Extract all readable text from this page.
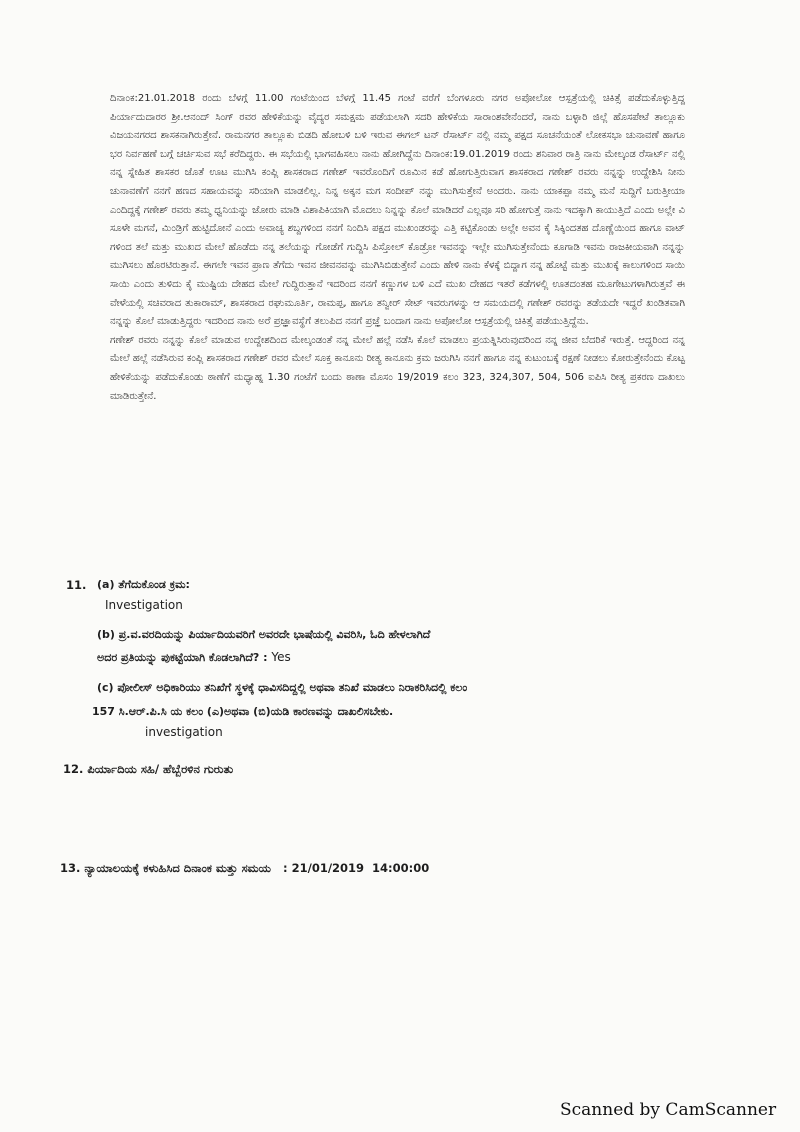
ದಿನಾಂಕ:21.01.2018 ರಂದು ಬೆಳಗ್ಗೆ 11.00 ಗಂಟೆಯಿಂದ ಬೆಳಗ್ಗೆ 11.45 ಗಂಟೆ ವರೆಗೆ ಬೆಂಗಳೂರು ನಗರ ಅಪೋಲೋ ಆಸ್ಪತ್ರೆಯಲ್ಲಿ ಚಿಕಿತ್ಸೆ ಪಡೆದುಕೊಳ್ಳುತ್ತಿದ್ದ ಪಿರ್ಯಾದುದಾರರ ಶ್ರೀ.ಆನಂದ್ ಸಿಂಗ್ ರವರ ಹೇಳಿಕೆಯನ್ನು ವೈದ್ಯರ ಸಮಕ್ಷಮ ಪಡೆಯಲಾಗಿ ಸದರಿ ಹೇಳಿಕೆಯ ಸಾರಾಂಶವೇನೆಂದರೆ, ನಾನು ಬಳ್ಳಾರಿ ಜಿಲ್ಲೆ ಹೊಸಪೇಟೆ ತಾಲ್ಲೂಕು ವಿಜಯನಗರದ ಶಾಸಕನಾಗಿರುತ್ತೇನೆ. ರಾಮನಗರ ತಾಲ್ಲೂಕು ಬಿಡದಿ ಹೋಬಳಿ ಬಳಿ ಇರುವ ಈಗಲ್ ಟನ್ ರೆಸಾರ್ಟ್ ನಲ್ಲಿ ನಮ್ಮ ಪಕ್ಷದ ಸೂಚನೆಯಂತೆ ಲೋಕಸಭಾ ಚುನಾವಣೆ ಹಾಗೂ ಭರ ನಿರ್ವಹಣೆ ಬಗ್ಗೆ ಚರ್ಚಿಸುವ ಸಭೆ ಕರೆದಿದ್ದರು. ಈ ಸಭೆಯಲ್ಲಿ ಭಾಗವಹಿಸಲು ನಾನು ಹೋಗಿದ್ದೆನು ದಿನಾಂಕ:19.01.2019 ರಂದು ಶನಿವಾರ ರಾತ್ರಿ ನಾನು ಮೇಲ್ಕಂಡ ರೆಸಾರ್ಟ್ ನಲ್ಲಿ ನನ್ನ ಸ್ನೇಹಿತ ಶಾಸಕರ ಜೊತೆ ಊಟ ಮುಗಿಸಿ ಕಂಪ್ಲಿ ಶಾಸಕರಾದ ಗಣೇಶ್ ಇವರೊಂದಿಗೆ ರೂಮಿನ ಕಡೆ ಹೋಗುತ್ತಿರುವಾಗ ಶಾಸಕರಾದ ಗಣೇಶ್ ರವರು ನನ್ನನ್ನು ಉದ್ದೇಶಿಸಿ ನೀನು ಚುನಾವಣೆಗೆ ನನಗೆ ಹಣದ ಸಹಾಯವನ್ನು ಸರಿಯಾಗಿ ಮಾಡಲಿಲ್ಲ. ನಿನ್ನ ಅಕ್ಕನ ಮಗ ಸಂದೀಪ್ ನನ್ನು ಮುಗಿಸುತ್ತೇನೆ ಅಂದರು. ನಾನು ಯಾಕಪ್ಪಾ ನಮ್ಮ ಮನೆ ಸುದ್ದಿಗೆ ಬರುತ್ತೀಯಾ ಎಂದಿದ್ದಕ್ಕೆ ಗಣೇಶ್ ರವರು ತಮ್ಮ ಧ್ವನಿಯನ್ನು ಜೋರು ಮಾಡಿ ವಿಶಾಪಿಕಿಯಾಗಿ ಮೊದಲು ನಿನ್ನನ್ನು ಕೊಲೆ ಮಾಡಿದರೆ ಎಲ್ಲವೂ ಸರಿ ಹೋಗುತ್ತೆ ನಾನು ಇದಕ್ಕಾಗಿ ಕಾಯುತ್ತಿದೆ ಎಂದು ಅಲ್ಲೇ ವಿ ಸೂಳೇ ಮಗನೆ, ಮಿಂಡ್ರಿಗೆ ಹುಟ್ಟಿದೋನೆ ಎಂದು ಅವಾಚ್ಯ ಶಬ್ದಗಳಿಂದ ನನಗೆ ನಿಂದಿಸಿ ಪಕ್ಷದ ಮುಖಂಡರನ್ನು ಎತ್ತಿ ಕಟ್ಟಿಕೊಂಡು ಅಲ್ಲೇ ಅವನ ಕೈ ಸಿಕ್ಕಿಂದತಹ ದೊಣ್ಣೆಯಿಂದ ಹಾಗೂ ವಾಟ್ ಗಳಿಂದ ತಲೆ ಮತ್ತು ಮುಖದ ಮೇಲೆ ಹೊಡೆದು ನನ್ನ ತಲೆಯನ್ನು ಗೋಡೆಗೆ ಗುದ್ದಿಸಿ ಪಿಸ್ತೋಲ್ ಕೊಡ್ರೋ ಇವನನ್ನು ಇಲ್ಲೇ ಮುಗಿಸುತ್ತೇನೆಂದು ಕೂಗಾಡಿ ಇವನು ರಾಜಕೀಯವಾಗಿ ನನ್ನನ್ನು ಮುಗಿಸಲು ಹೊರಟಿರುತ್ತಾನೆ. ಈಗಲೇ ಇವನ ಪ್ರಾಣ ತೆಗೆದು ಇವನ ಜೀವನವನ್ನು ಮುಗಿಸಿಬಿಡುತ್ತೇನೆ ಎಂದು ಹೇಳಿ ನಾನು ಕೆಳಕ್ಕೆ ಬಿದ್ದಾಗ ನನ್ನ ಹೊಟ್ಟೆ ಮತ್ತು ಮುಖಕ್ಕೆ ಕಾಲುಗಳಿಂದ ಸಾಯಿ ಸಾಯಿ ಎಂದು ತುಳಿದು ಕೈ ಮುಷ್ಟಿಯ ದೇಹದ ಮೇಲೆ ಗುದ್ದಿರುತ್ತಾನೆ ಇದರಿಂದ ನನಗೆ ಕಣ್ಣುಗಳ ಬಳಿ ಎದೆ ಮುಖ ದೇಹದ ಇತರೆ ಕಡೆಗಳಲ್ಲಿ ಊತದಂತಹ ಮೂಗೇಟುಗಳಾಗಿರುತ್ತವೆ ಈ ವೇಳೆಯಲ್ಲಿ ಸಚಿವರಾದ ತುಕಾರಾಮ್, ಶಾಸಕರಾದ ರಘುಮೂರ್ತಿ, ರಾಮಪ್ಪ, ಹಾಗೂ ತನ್ವೀರ್ ಸೇಟ್ ಇವರುಗಳನ್ನು ಆ ಸಮಯದಲ್ಲಿ ಗಣೇಶ್ ರವರನ್ನು ತಡೆಯದೇ ಇದ್ದರೆ ಖಂಡಿತವಾಗಿ ನನ್ನನ್ನು ಕೊಲೆ ಮಾಡುತ್ತಿದ್ದರು ಇದರಿಂದ ನಾನು ಅರೆ ಪ್ರಜ್ಞಾವಸ್ಥೆಗೆ ತಲುಪಿದ ನನಗೆ ಪ್ರಜ್ಞೆ ಬಂದಾಗ ನಾನು ಅಪೋಲೋ ಆಸ್ಪತ್ರೆಯಲ್ಲಿ ಚಿಕಿತ್ಸೆ ಪಡೆಯುತ್ತಿದ್ದೆನು.

ಗಣೇಶ್ ರವರು ನನ್ನನ್ನು ಕೊಲೆ ಮಾಡುವ ಉದ್ದೇಶದಿಂದ ಮೇಲ್ಕಂಡಂತೆ ನನ್ನ ಮೇಲೆ ಹಲ್ಲೆ ನಡೆಸಿ ಕೊಲೆ ಮಾಡಲು ಪ್ರಯತ್ನಿಸಿರುವುದರಿಂದ ನನ್ನ ಜೀವ ಬೆದರಿಕೆ ಇರುತ್ತೆ. ಆದ್ದರಿಂದ ನನ್ನ ಮೇಲೆ ಹಲ್ಲೆ ನಡೆಸಿರುವ ಕಂಪ್ಲಿ ಶಾಸಕರಾದ ಗಣೇಶ್ ರವರ ಮೇಲೆ ಸೂಕ್ತ ಕಾನೂನು ರೀತ್ಯ ಕಾನೂನು ಕ್ರಮ ಜರುಗಿಸಿ ನನಗೆ ಹಾಗೂ ನನ್ನ ಕುಟುಂಬಕ್ಕೆ ರಕ್ಷಣೆ ನೀಡಲು ಕೋರುತ್ತೇನೆಂದು ಕೊಟ್ಟ ಹೇಳಿಕೆಯನ್ನು ಪಡೆದುಕೊಂಡು ಠಾಣೆಗೆ ಮಧ್ಯಾಹ್ನ 1.30 ಗಂಟೆಗೆ ಬಂದು ಠಾಣಾ ಮೊಸಂ 19/2019 ಕಲಂ 323, 324,307, 504, 506 ಐಪಿಸಿ ರೀತ್ಯ ಪ್ರಕರಣ ದಾಖಲು ಮಾಡಿರುತ್ತೇನೆ.

11. (a) ತೆಗೆದುಕೊಂಡ ಕ್ರಮ:
Investigation
(b) ಪ್ರ.ವ.ವರದಿಯನ್ನು ಪಿರ್ಯಾದಿಯವರಿಗೆ ಅವರದೇ ಭಾಷೆಯಲ್ಲಿ ವಿವರಿಸಿ, ಓದಿ ಹೇಳಲಾಗಿದೆ
ಅದರ ಪ್ರತಿಯನ್ನು ಪುಕಟ್ಟೆಯಾಗಿ ಕೊಡಲಾಗಿದೆ? : Yes
(c) ಪೋಲೀಸ್ ಅಧಿಕಾರಿಯು ತನಿಖೆಗೆ ಸ್ಥಳಕ್ಕೆ ಧಾವಿಸದಿದ್ದಲ್ಲಿ ಅಥವಾ ತನಿಖೆ ಮಾಡಲು ನಿರಾಕರಿಸಿದಲ್ಲಿ ಕಲಂ
157 ಸಿ.ಆರ್.ಪಿ.ಸಿ ಯ ಕಲಂ (ಎ)ಅಥವಾ (ಬಿ)ಯಡಿ ಕಾರಣವನ್ನು ದಾಖಲಿಸಬೇಕು.
investigation
12. ಪಿರ್ಯಾದಿಯ ಸಹಿ/ ಹೆಬ್ಬೆರಳಿನ ಗುರುತು
13. ನ್ಯಾಯಾಲಯಕ್ಕೆ ಕಳುಹಿಸಿದ ದಿನಾಂಕ ಮತ್ತು ಸಮಯ : 21/01/2019  14:00:00
Scanned by CamScanner
